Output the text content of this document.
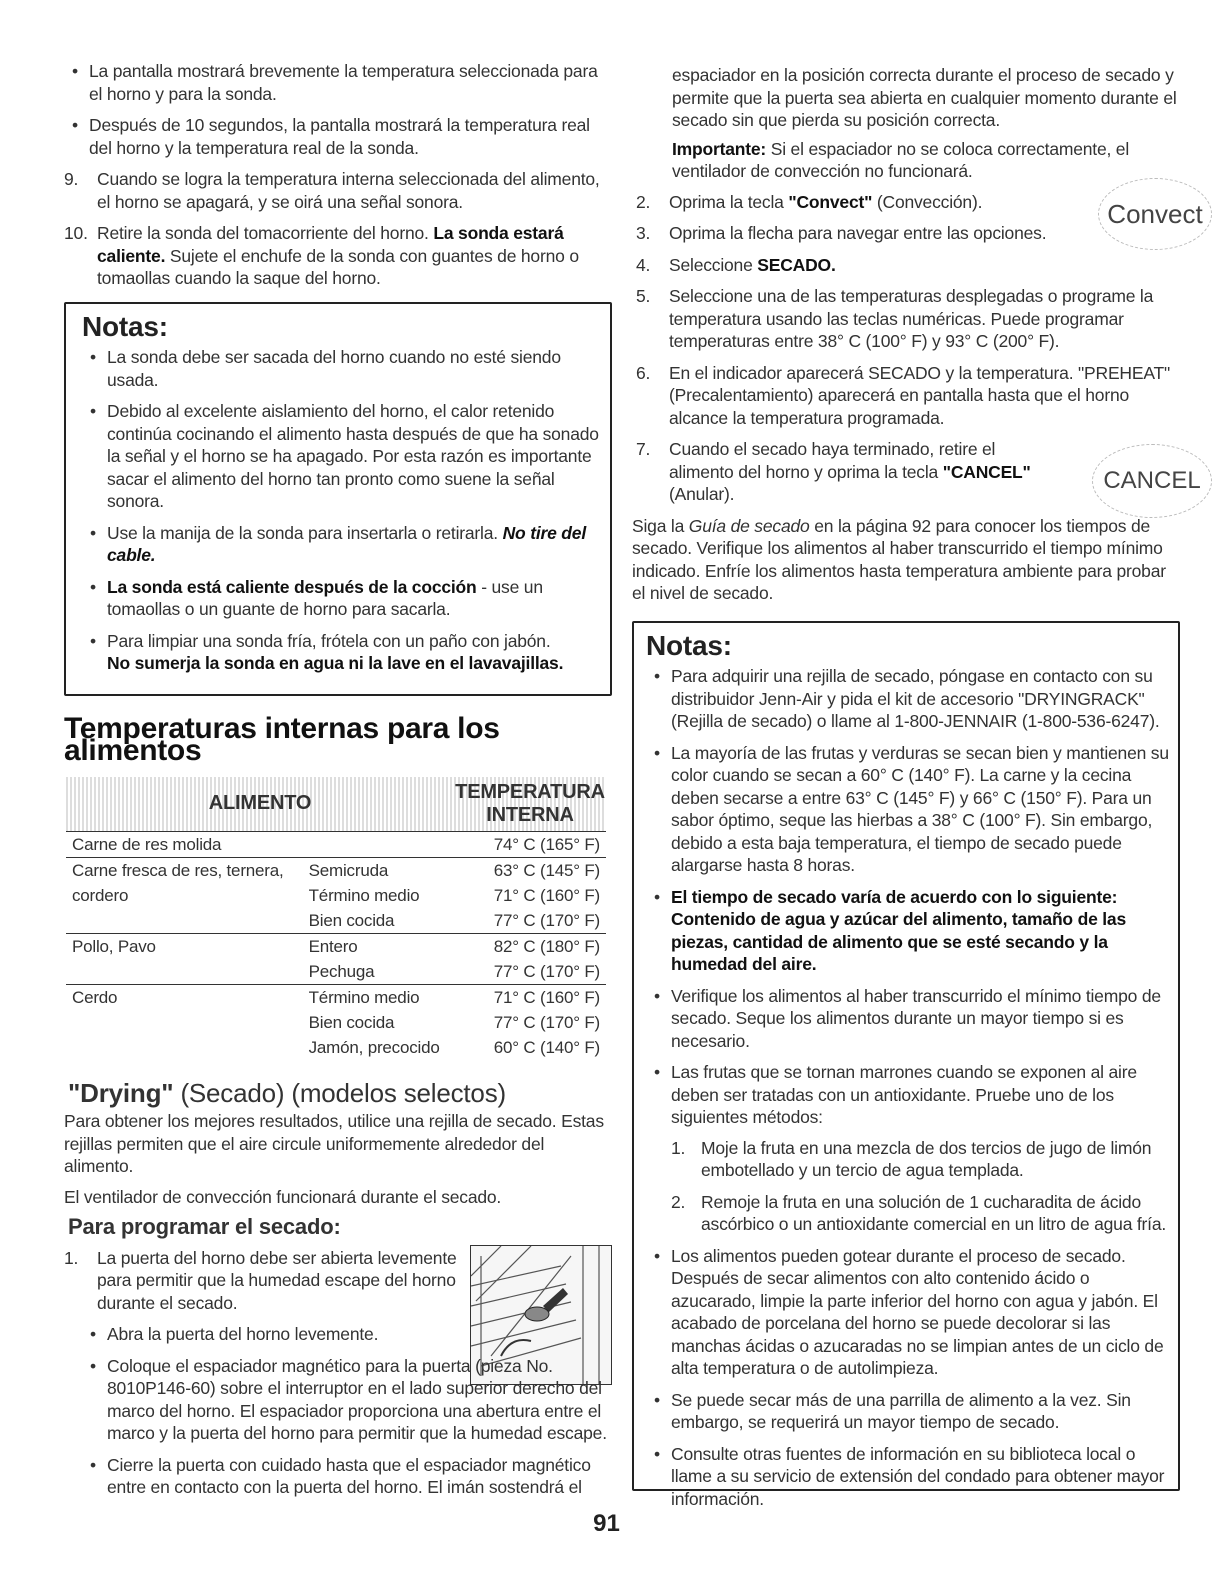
• La pantalla mostrará brevemente la temperatura seleccionada para el horno y para la sonda.
• Después de 10 segundos, la pantalla mostrará la temperatura real del horno y la temperatura real de la sonda.
9. Cuando se logra la temperatura interna seleccionada del alimento, el horno se apagará, y se oirá una señal sonora.
10. Retire la sonda del tomacorriente del horno. La sonda estará caliente. Sujete el enchufe de la sonda con guantes de horno o tomaollas cuando la saque del horno.
Notas:
• La sonda debe ser sacada del horno cuando no esté siendo usada.
• Debido al excelente aislamiento del horno, el calor retenido continúa cocinando el alimento hasta después de que ha sonado la señal y el horno se ha apagado. Por esta razón es importante sacar el alimento del horno tan pronto como suene la señal sonora.
• Use la manija de la sonda para insertarla o retirarla. No tire del cable.
• La sonda está caliente después de la cocción - use un tomaollas o un guante de horno para sacarla.
• Para limpiar una sonda fría, frótela con un paño con jabón.
No sumerja la sonda en agua ni la lave en el lavavajillas.
Temperaturas internas para los alimentos
ALIMENTO		TEMPERATURA INTERNA
Carne de res molida		74° C (165° F)
Carne fresca de res, ternera,	Semicruda	63° C (145° F)
cordero	Término medio	71° C (160° F)
	Bien cocida	77° C (170° F)
Pollo, Pavo	Entero	82° C (180° F)
	Pechuga	77° C (170° F)
Cerdo	Término medio	71° C (160° F)
	Bien cocida	77° C (170° F)
	Jamón, precocido	60° C (140° F)
"Drying" (Secado) (modelos selectos)

Para obtener los mejores resultados, utilice una rejilla de secado. Estas rejillas permiten que el aire circule uniformemente alrededor del alimento.

El ventilador de convección funcionará durante el secado.

Para programar el secado:
1. La puerta del horno debe ser abierta levemente para permitir que la humedad escape del horno durante el secado.
• Abra la puerta del horno levemente.
• Coloque el espaciador magnético para la puerta (pieza No. 8010P146-60) sobre el interruptor en el lado superior derecho del marco del horno. El espaciador proporciona una abertura entre el marco y la puerta del horno para permitir que la humedad escape.
• Cierre la puerta con cuidado hasta que el espaciador magnético entre en contacto con la puerta del horno. El imán sostendrá el

espaciador en la posición correcta durante el proceso de secado y permite que la puerta sea abierta en cualquier momento durante el secado sin que pierda su posición correcta.

Importante: Si el espaciador no se coloca correctamente, el ventilador de convección no funcionará.

2. Oprima la tecla "Convect" (Convección).
3. Oprima la flecha para navegar entre las opciones.
4. Seleccione SECADO.
5. Seleccione una de las temperaturas desplegadas o programe la temperatura usando las teclas numéricas. Puede programar temperaturas entre 38° C (100° F) y 93° C (200° F).
6. En el indicador aparecerá SECADO y la temperatura. "PREHEAT" (Precalentamiento) aparecerá en pantalla hasta que el horno alcance la temperatura programada.
7. Cuando el secado haya terminado, retire el alimento del horno y oprima la tecla "CANCEL" (Anular).

Siga la Guía de secado en la página 92 para conocer los tiempos de secado. Verifique los alimentos al haber transcurrido el tiempo mínimo indicado. Enfríe los alimentos hasta temperatura ambiente para probar el nivel de secado.

Notas:
• Para adquirir una rejilla de secado, póngase en contacto con su distribuidor Jenn-Air y pida el kit de accesorio "DRYINGRACK" (Rejilla de secado) o llame al 1-800-JENNAIR (1-800-536-6247).
• La mayoría de las frutas y verduras se secan bien y mantienen su color cuando se secan a 60° C (140° F). La carne y la cecina deben secarse a entre 63° C (145° F) y 66° C (150° F). Para un sabor óptimo, seque las hierbas a 38° C (100° F). Sin embargo, debido a esta baja temperatura, el tiempo de secado puede alargarse hasta 8 horas.
• El tiempo de secado varía de acuerdo con lo siguiente: Contenido de agua y azúcar del alimento, tamaño de las piezas, cantidad de alimento que se esté secando y la humedad del aire.
• Verifique los alimentos al haber transcurrido el mínimo tiempo de secado. Seque los alimentos durante un mayor tiempo si es necesario.
• Las frutas que se tornan marrones cuando se exponen al aire deben ser tratadas con un antioxidante. Pruebe uno de los siguientes métodos:
1. Moje la fruta en una mezcla de dos tercios de jugo de limón embotellado y un tercio de agua templada.
2. Remoje la fruta en una solución de 1 cucharadita de ácido ascórbico o un antioxidante comercial en un litro de agua fría.
• Los alimentos pueden gotear durante el proceso de secado. Después de secar alimentos con alto contenido ácido o azucarado, limpie la parte inferior del horno con agua y jabón. El acabado de porcelana del horno se puede decolorar si las manchas ácidas o azucaradas no se limpian antes de un ciclo de alta temperatura o de autolimpieza.
• Se puede secar más de una parrilla de alimento a la vez. Sin embargo, se requerirá un mayor tiempo de secado.
• Consulte otras fuentes de información en su biblioteca local o llame a su servicio de extensión del condado para obtener mayor información.
Convect
CANCEL
91
